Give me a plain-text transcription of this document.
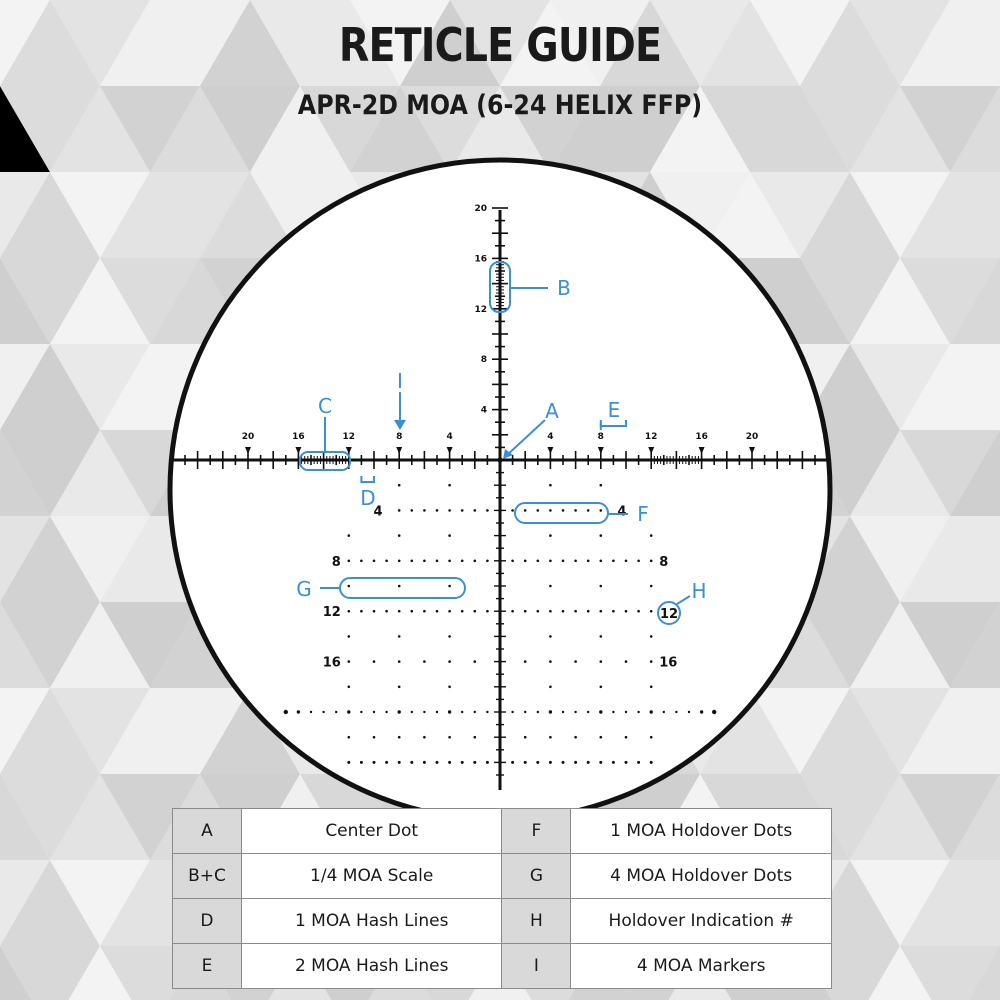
RETICLE GUIDE
APR-2D MOA (6-24 HELIX FFP)
20	16	12	8	4	4	8	12	16	20
20
16
12
8
4
4	4
8	8
12
16	16
A
B
C
D
E
F
G
12
H
I
A	Center Dot	F	1 MOA Holdover Dots
B+C	1/4 MOA Scale	G	4 MOA Holdover Dots
D	1 MOA Hash Lines	H	Holdover Indication #
E	2 MOA Hash Lines	I	4 MOA Markers
